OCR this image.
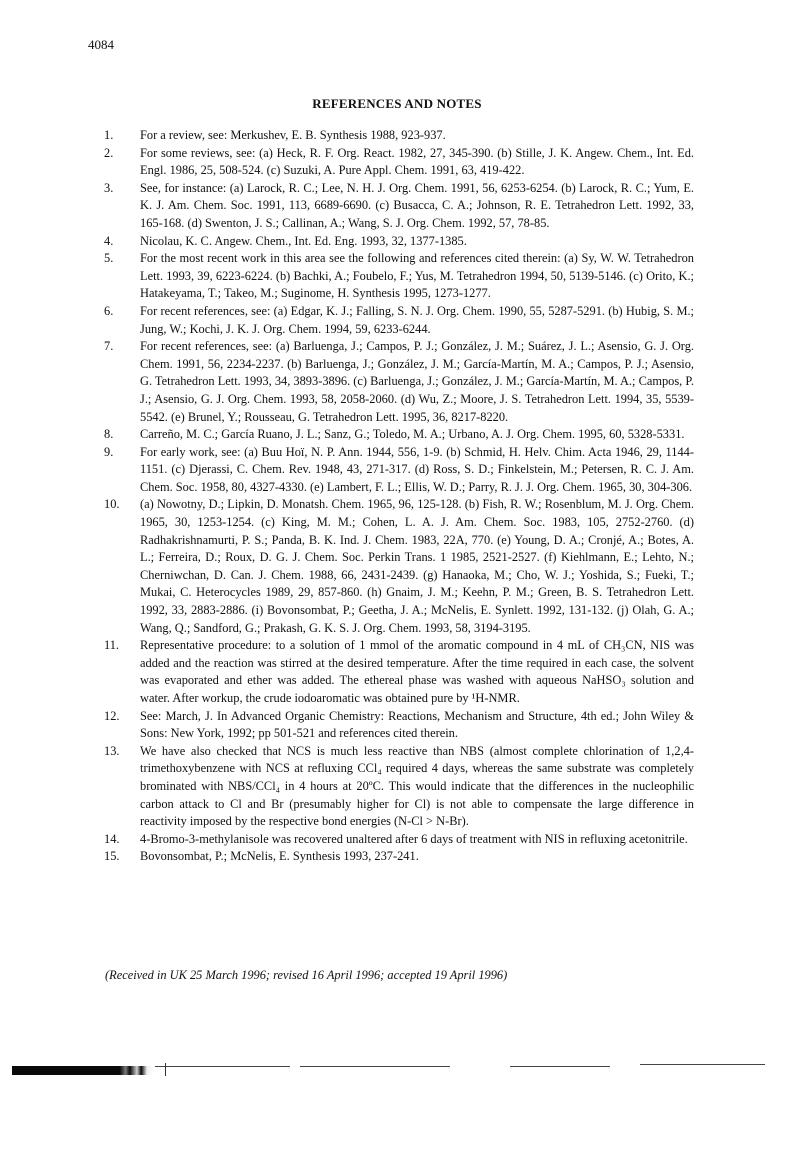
4084
REFERENCES AND NOTES
1.	For a review, see: Merkushev, E. B. Synthesis 1988, 923-937.
2.	For some reviews, see: (a) Heck, R. F. Org. React. 1982, 27, 345-390. (b) Stille, J. K. Angew. Chem., Int. Ed. Engl. 1986, 25, 508-524. (c) Suzuki, A. Pure Appl. Chem. 1991, 63, 419-422.
3.	See, for instance: (a) Larock, R. C.; Lee, N. H. J. Org. Chem. 1991, 56, 6253-6254. (b) Larock, R. C.; Yum, E. K. J. Am. Chem. Soc. 1991, 113, 6689-6690. (c) Busacca, C. A.; Johnson, R. E. Tetrahedron Lett. 1992, 33, 165-168. (d) Swenton, J. S.; Callinan, A.; Wang, S. J. Org. Chem. 1992, 57, 78-85.
4.	Nicolau, K. C. Angew. Chem., Int. Ed. Eng. 1993, 32, 1377-1385.
5.	For the most recent work in this area see the following and references cited therein: (a) Sy, W. W. Tetrahedron Lett. 1993, 39, 6223-6224. (b) Bachki, A.; Foubelo, F.; Yus, M. Tetrahedron 1994, 50, 5139-5146. (c) Orito, K.; Hatakeyama, T.; Takeo, M.; Suginome, H. Synthesis 1995, 1273-1277.
6.	For recent references, see: (a) Edgar, K. J.; Falling, S. N. J. Org. Chem. 1990, 55, 5287-5291. (b) Hubig, S. M.; Jung, W.; Kochi, J. K. J. Org. Chem. 1994, 59, 6233-6244.
7.	For recent references, see: (a) Barluenga, J.; Campos, P. J.; González, J. M.; Suárez, J. L.; Asensio, G. J. Org. Chem. 1991, 56, 2234-2237. (b) Barluenga, J.; González, J. M.; García-Martín, M. A.; Campos, P. J.; Asensio, G. Tetrahedron Lett. 1993, 34, 3893-3896. (c) Barluenga, J.; González, J. M.; García-Martín, M. A.; Campos, P. J.; Asensio, G. J. Org. Chem. 1993, 58, 2058-2060. (d) Wu, Z.; Moore, J. S. Tetrahedron Lett. 1994, 35, 5539-5542. (e) Brunel, Y.; Rousseau, G. Tetrahedron Lett. 1995, 36, 8217-8220.
8.	Carreño, M. C.; García Ruano, J. L.; Sanz, G.; Toledo, M. A.; Urbano, A. J. Org. Chem. 1995, 60, 5328-5331.
9.	For early work, see: (a) Buu Hoï, N. P. Ann. 1944, 556, 1-9. (b) Schmid, H. Helv. Chim. Acta 1946, 29, 1144-1151. (c) Djerassi, C. Chem. Rev. 1948, 43, 271-317. (d) Ross, S. D.; Finkelstein, M.; Petersen, R. C. J. Am. Chem. Soc. 1958, 80, 4327-4330. (e) Lambert, F. L.; Ellis, W. D.; Parry, R. J. J. Org. Chem. 1965, 30, 304-306.
10.	(a) Nowotny, D.; Lipkin, D. Monatsh. Chem. 1965, 96, 125-128. (b) Fish, R. W.; Rosenblum, M. J. Org. Chem. 1965, 30, 1253-1254. (c) King, M. M.; Cohen, L. A. J. Am. Chem. Soc. 1983, 105, 2752-2760. (d) Radhakrishnamurti, P. S.; Panda, B. K. Ind. J. Chem. 1983, 22A, 770. (e) Young, D. A.; Cronjé, A.; Botes, A. L.; Ferreira, D.; Roux, D. G. J. Chem. Soc. Perkin Trans. 1 1985, 2521-2527. (f) Kiehlmann, E.; Lehto, N.; Cherniwchan, D. Can. J. Chem. 1988, 66, 2431-2439. (g) Hanaoka, M.; Cho, W. J.; Yoshida, S.; Fueki, T.; Mukai, C. Heterocycles 1989, 29, 857-860. (h) Gnaim, J. M.; Keehn, P. M.; Green, B. S. Tetrahedron Lett. 1992, 33, 2883-2886. (i) Bovonsombat, P.; Geetha, J. A.; McNelis, E. Synlett. 1992, 131-132. (j) Olah, G. A.; Wang, Q.; Sandford, G.; Prakash, G. K. S. J. Org. Chem. 1993, 58, 3194-3195.
11.	Representative procedure: to a solution of 1 mmol of the aromatic compound in 4 mL of CH₃CN, NIS was added and the reaction was stirred at the desired temperature. After the time required in each case, the solvent was evaporated and ether was added. The ethereal phase was washed with aqueous NaHSO₃ solution and water. After workup, the crude iodoaromatic was obtained pure by ¹H-NMR.
12.	See: March, J. In Advanced Organic Chemistry: Reactions, Mechanism and Structure, 4th ed.; John Wiley & Sons: New York, 1992; pp 501-521 and references cited therein.
13.	We have also checked that NCS is much less reactive than NBS (almost complete chlorination of 1,2,4-trimethoxybenzene with NCS at refluxing CCl₄ required 4 days, whereas the same substrate was completely brominated with NBS/CCl₄ in 4 hours at 20ºC. This would indicate that the differences in the nucleophilic carbon attack to Cl and Br (presumably higher for Cl) is not able to compensate the large difference in reactivity imposed by the respective bond energies (N-Cl > N-Br).
14.	4-Bromo-3-methylanisole was recovered unaltered after 6 days of treatment with NIS in refluxing acetonitrile.
15.	Bovonsombat, P.; McNelis, E. Synthesis 1993, 237-241.
(Received in UK 25 March 1996; revised 16 April 1996; accepted 19 April 1996)
